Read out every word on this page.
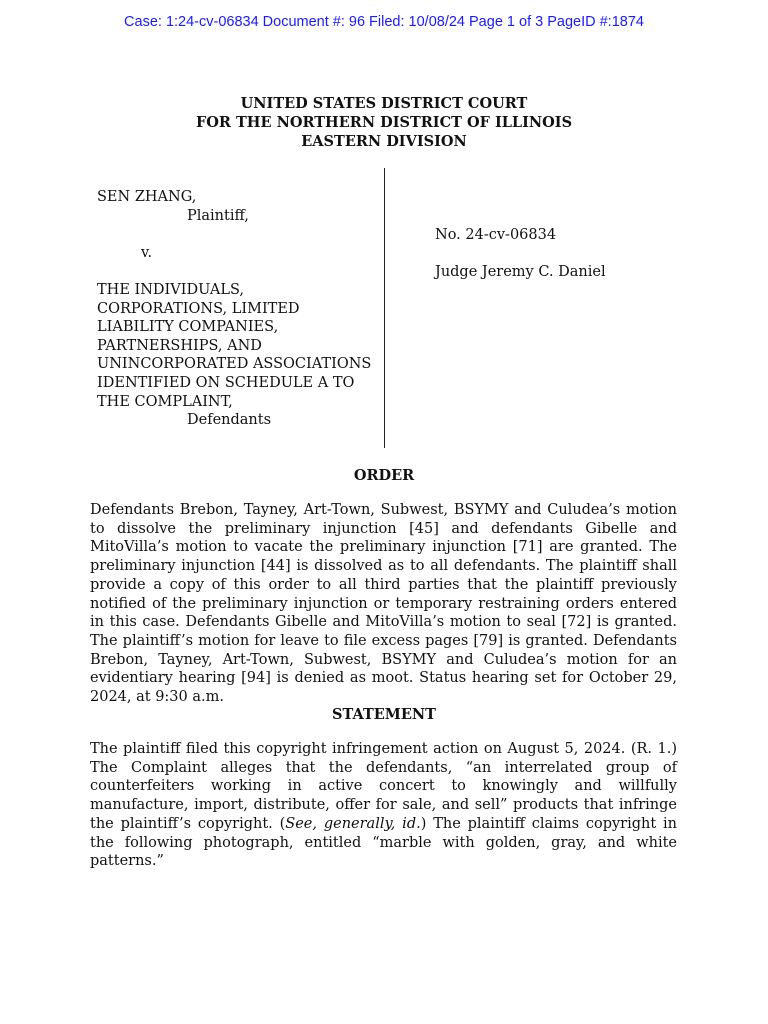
Case: 1:24-cv-06834 Document #: 96 Filed: 10/08/24 Page 1 of 3 PageID #:1874
UNITED STATES DISTRICT COURT
FOR THE NORTHERN DISTRICT OF ILLINOIS
EASTERN DIVISION
SEN ZHANG,
Plaintiff,
v.
THE INDIVIDUALS,
CORPORATIONS, LIMITED
LIABILITY COMPANIES,
PARTNERSHIPS, AND
UNINCORPORATED ASSOCIATIONS
IDENTIFIED ON SCHEDULE A TO
THE COMPLAINT,
Defendants
No. 24-cv-06834
Judge Jeremy C. Daniel
ORDER
Defendants Brebon, Tayney, Art-Town, Subwest, BSYMY and Culudea’s motion to dissolve the preliminary injunction [45] and defendants Gibelle and MitoVilla’s motion to vacate the preliminary injunction [71] are granted. The preliminary injunction [44] is dissolved as to all defendants. The plaintiff shall provide a copy of this order to all third parties that the plaintiff previously notified of the preliminary injunction or temporary restraining orders entered in this case. Defendants Gibelle and MitoVilla’s motion to seal [72] is granted. The plaintiff’s motion for leave to file excess pages [79] is granted. Defendants Brebon, Tayney, Art-Town, Subwest, BSYMY and Culudea’s motion for an evidentiary hearing [94] is denied as moot. Status hearing set for October 29, 2024, at 9:30 a.m.
STATEMENT
The plaintiff filed this copyright infringement action on August 5, 2024. (R. 1.) The Complaint alleges that the defendants, “an interrelated group of counterfeiters working in active concert to knowingly and willfully manufacture, import, distribute, offer for sale, and sell” products that infringe the plaintiff’s copyright. (See, generally, id.) The plaintiff claims copyright in the following photograph, entitled “marble with golden, gray, and white patterns.”
